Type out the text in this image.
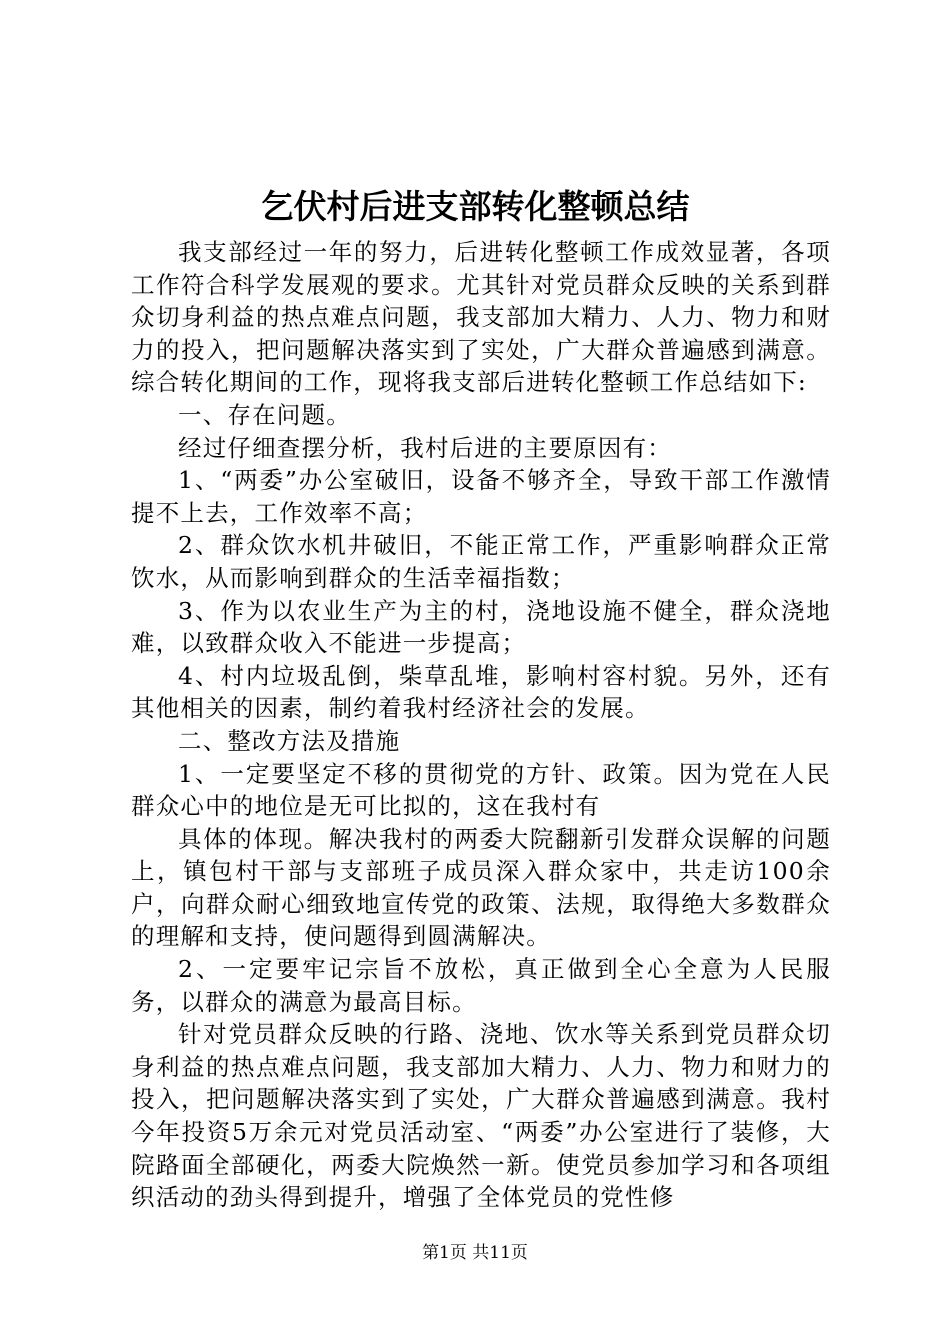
乞伏村后进支部转化整顿总结

我支部经过一年的努力，后进转化整顿工作成效显著，各项工作符合科学发展观的要求。尤其针对党员群众反映的关系到群众切身利益的热点难点问题，我支部加大精力、人力、物力和财力的投入，把问题解决落实到了实处，广大群众普遍感到满意。综合转化期间的工作，现将我支部后进转化整顿工作总结如下:

一、存在问题。

经过仔细查摆分析，我村后进的主要原因有：

1、“两委”办公室破旧，设备不够齐全，导致干部工作激情提不上去，工作效率不高；

2、群众饮水机井破旧，不能正常工作，严重影响群众正常饮水，从而影响到群众的生活幸福指数；

3、作为以农业生产为主的村，浇地设施不健全，群众浇地难，以致群众收入不能进一步提高；

4、村内垃圾乱倒，柴草乱堆，影响村容村貌。另外，还有其他相关的因素，制约着我村经济社会的发展。

二、整改方法及措施

1、一定要坚定不移的贯彻党的方针、政策。因为党在人民群众心中的地位是无可比拟的，这在我村有

具体的体现。解决我村的两委大院翻新引发群众误解的问题上，镇包村干部与支部班子成员深入群众家中，共走访100余户，向群众耐心细致地宣传党的政策、法规，取得绝大多数群众的理解和支持，使问题得到圆满解决。

2、一定要牢记宗旨不放松，真正做到全心全意为人民服务，以群众的满意为最高目标。

针对党员群众反映的行路、浇地、饮水等关系到党员群众切身利益的热点难点问题，我支部加大精力、人力、物力和财力的投入，把问题解决落实到了实处，广大群众普遍感到满意。我村今年投资5万余元对党员活动室、“两委”办公室进行了装修，大院路面全部硬化，两委大院焕然一新。使党员参加学习和各项组织活动的劲头得到提升，增强了全体党员的党性修

第1页 共11页
